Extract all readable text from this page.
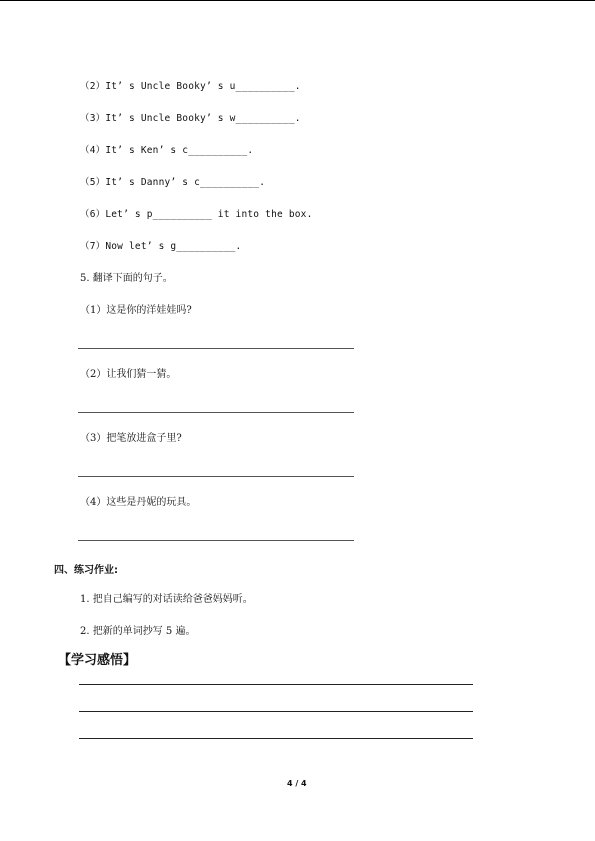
（2）It’ s Uncle Booky’ s u__________.
（3）It’ s Uncle Booky’ s w__________.
（4）It’ s Ken’ s c__________.
（5）It’ s Danny’ s c__________.
（6）Let’ s p__________ it into the box.
（7）Now let’ s g__________.
5. 翻译下面的句子。
（1）这是你的洋娃娃吗?
（2）让我们猜一猜。
（3）把笔放进盒子里?
（4）这些是丹妮的玩具。
四、练习作业:
1. 把自己编写的对话读给爸爸妈妈听。
2. 把新的单词抄写 5 遍。
【学习感悟】
4 / 4
